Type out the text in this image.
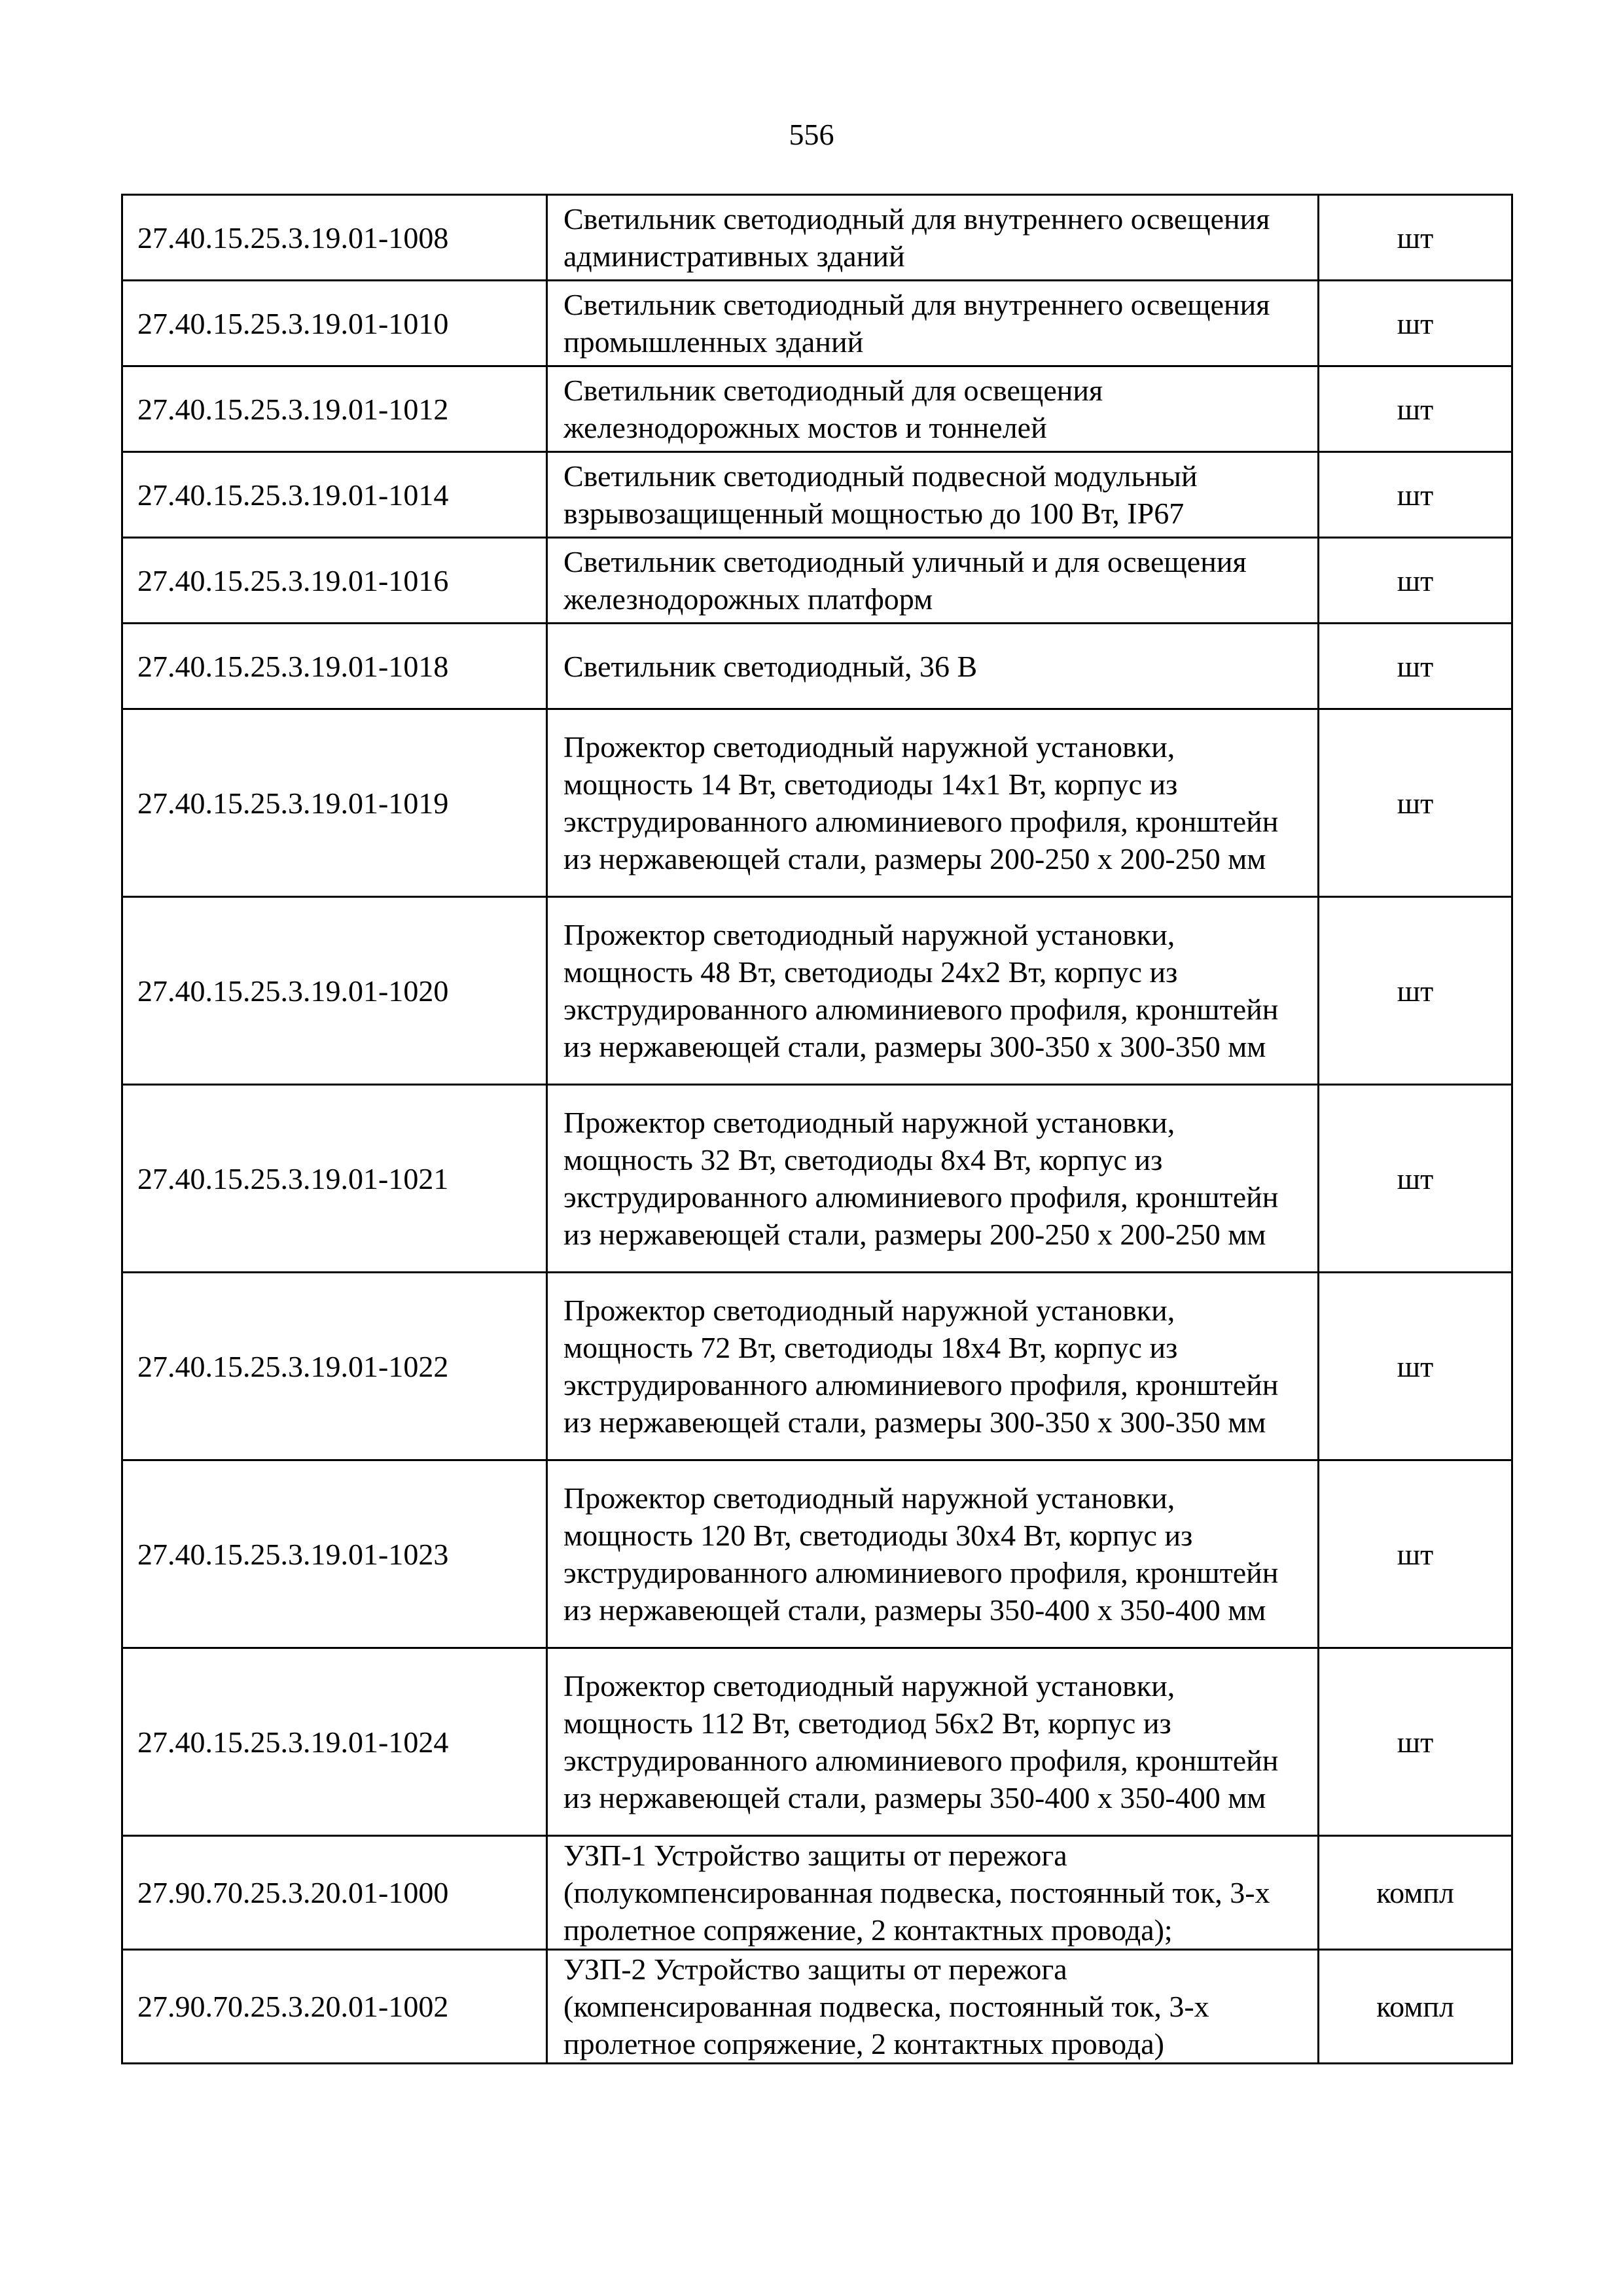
556
27.40.15.25.3.19.01-1008	Светильник светодиодный для внутреннего освещения административных зданий	шт
27.40.15.25.3.19.01-1010	Светильник светодиодный для внутреннего освещения промышленных зданий	шт
27.40.15.25.3.19.01-1012	Светильник светодиодный для освещения железнодорожных мостов и тоннелей	шт
27.40.15.25.3.19.01-1014	Светильник светодиодный подвесной модульный взрывозащищенный мощностью до 100 Вт, IP67	шт
27.40.15.25.3.19.01-1016	Светильник светодиодный уличный и для освещения железнодорожных платформ	шт
27.40.15.25.3.19.01-1018	Светильник светодиодный, 36 В	шт
27.40.15.25.3.19.01-1019	Прожектор светодиодный наружной установки, мощность 14 Вт, светодиоды 14х1 Вт, корпус из экструдированного алюминиевого профиля, кронштейн из нержавеющей стали, размеры 200-250 х 200-250 мм	шт
27.40.15.25.3.19.01-1020	Прожектор светодиодный наружной установки, мощность 48 Вт, светодиоды 24х2 Вт, корпус из экструдированного алюминиевого профиля, кронштейн из нержавеющей стали, размеры 300-350 х 300-350 мм	шт
27.40.15.25.3.19.01-1021	Прожектор светодиодный наружной установки, мощность 32 Вт, светодиоды 8х4 Вт, корпус из экструдированного алюминиевого профиля, кронштейн из нержавеющей стали, размеры 200-250 х 200-250 мм	шт
27.40.15.25.3.19.01-1022	Прожектор светодиодный наружной установки, мощность 72 Вт, светодиоды 18х4 Вт, корпус из экструдированного алюминиевого профиля, кронштейн из нержавеющей стали, размеры 300-350 х 300-350 мм	шт
27.40.15.25.3.19.01-1023	Прожектор светодиодный наружной установки, мощность 120 Вт, светодиоды 30х4 Вт, корпус из экструдированного алюминиевого профиля, кронштейн из нержавеющей стали, размеры 350-400 х 350-400 мм	шт
27.40.15.25.3.19.01-1024	Прожектор светодиодный наружной установки, мощность 112 Вт, светодиод 56х2 Вт, корпус из экструдированного алюминиевого профиля, кронштейн из нержавеющей стали, размеры 350-400 х 350-400 мм	шт
27.90.70.25.3.20.01-1000	УЗП-1 Устройство защиты от пережога (полукомпенсированная подвеска, постоянный ток, 3-х пролетное сопряжение, 2 контактных провода);	компл
27.90.70.25.3.20.01-1002	УЗП-2 Устройство защиты от пережога (компенсированная подвеска, постоянный ток, 3-х пролетное сопряжение, 2 контактных провода)	компл
